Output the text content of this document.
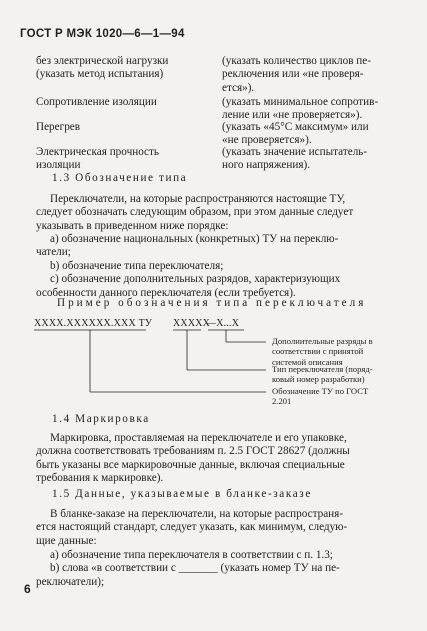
ГОСТ Р МЭК 1020—6—1—94
без электрической нагрузки
(указать метод испытания)
(указать количество циклов пе-
реключения или «не проверя-
ется»).
Сопротивление изоляции	(указать минимальное сопротив-
ление или «не проверяется»).
Перегрев	(указать «45°С максимум» или
«не проверяется»).
Электрическая прочность
изоляции
(указать значение испытатель-
ного напряжения).
1.3 Обозначение типа
Переключатели, на которые распространяются настоящие ТУ,
следует обозначать следующим образом, при этом данные следует
указывать в приведенном ниже порядке:
а) обозначение национальных (конкретных) ТУ на переклю-
чатели;
b) обозначение типа переключателя;
с) обозначение дополнительных разрядов, характеризующих
особенности данного переключателя (если требуется).
Пример обозначения типа переключателя
XXXX.XXXXXX.XXX ТУ XXXXX
—X...X
Дополнительные разряды в
соответствии с принятой
системой описания
Тип переключателя (поряд-
ковый номер разработки)
Обозначение ТУ по ГОСТ
2.201
1.4 Маркировка
Маркировка, проставляемая на переключателе и его упаковке,
должна соответствовать требованиям п. 2.5 ГОСТ 28627 (должны
быть указаны все маркировочные данные, включая специальные
требования к маркировке).
1.5 Данные, указываемые в бланке-заказе
В бланке-заказе на переключатели, на которые распространя-
ется настоящий стандарт, следует указать, как минимум, следую-
щие данные:
а) обозначение типа переключателя в соответствии с п. 1.3;
b) слова «в соответствии с _______ (указать номер ТУ на пе-
реключатели);
6
